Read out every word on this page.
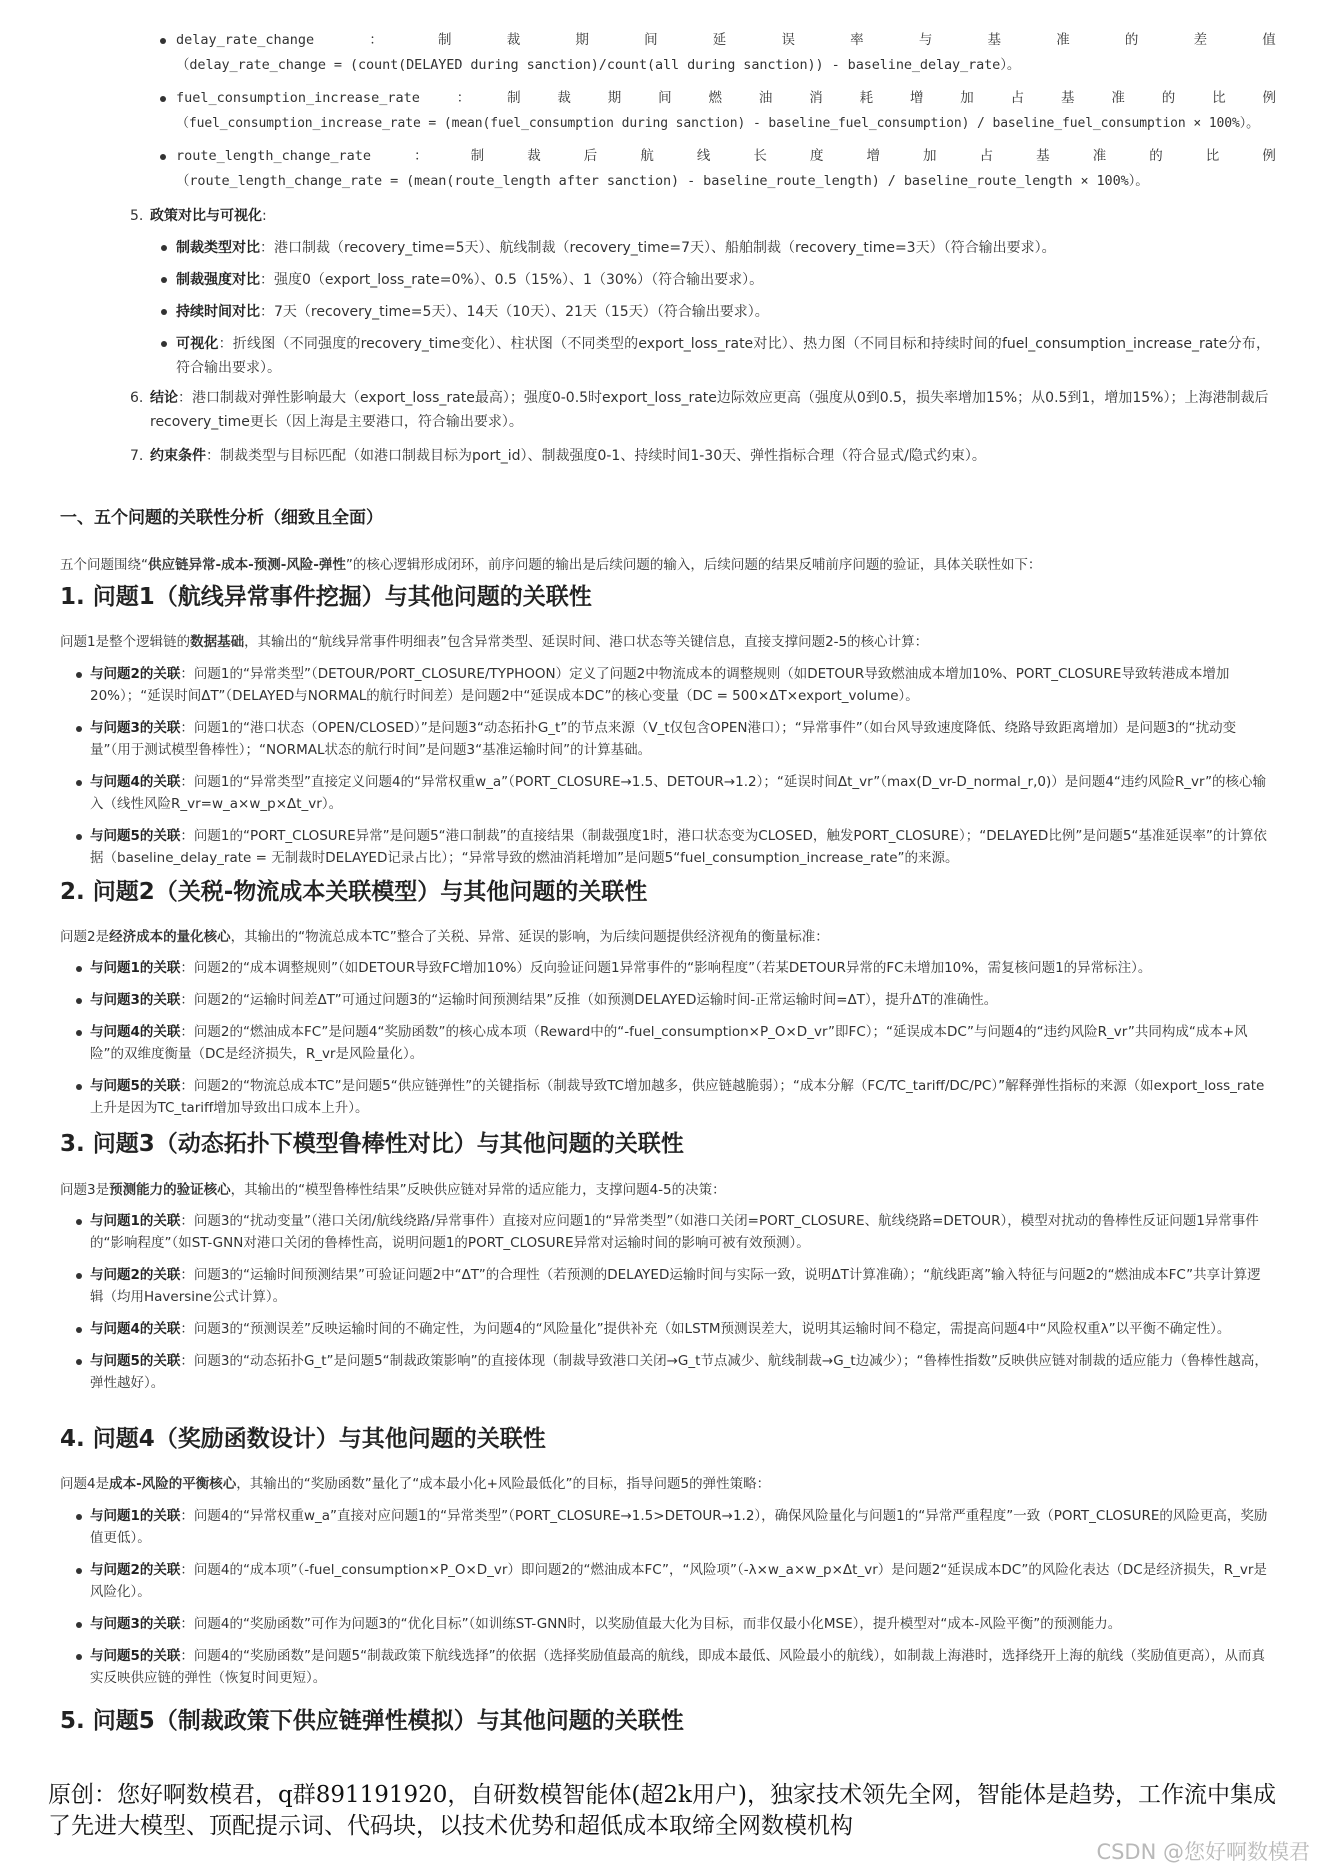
delay_rate_change	：	制	裁	期	间	延	误	率	与	基	准	的	差	值
（delay_rate_change = (count(DELAYED during sanction)/count(all during sanction)) - baseline_delay_rate）。
fuel_consumption_increase_rate	：	制	裁	期	间	燃	油	消	耗	增	加	占	基	准	的	比	例
（fuel_consumption_increase_rate = (mean(fuel_consumption during sanction) - baseline_fuel_consumption) / baseline_fuel_consumption × 100%）。
route_length_change_rate	：	制	裁	后	航	线	长	度	增	加	占	基	准	的	比	例
（route_length_change_rate = (mean(route_length after sanction) - baseline_route_length) / baseline_route_length × 100%）。
5. 政策对比与可视化:
制裁类型对比：港口制裁（recovery_time=5天）、航线制裁（recovery_time=7天）、船舶制裁（recovery_time=3天）（符合输出要求）。
制裁强度对比：强度0（export_loss_rate=0%）、0.5（15%）、1（30%）（符合输出要求）。
持续时间对比：7天（recovery_time=5天）、14天（10天）、21天（15天）（符合输出要求）。
可视化：折线图（不同强度的recovery_time变化）、柱状图（不同类型的export_loss_rate对比）、热力图（不同目标和持续时间的fuel_consumption_increase_rate分布，符合输出要求）。
6. 结论：港口制裁对弹性影响最大（export_loss_rate最高）；强度0-0.5时export_loss_rate边际效应更高（强度从0到0.5，损失率增加15%；从0.5到1，增加15%）；上海港制裁后recovery_time更长（因上海是主要港口，符合输出要求）。
7. 约束条件：制裁类型与目标匹配（如港口制裁目标为port_id）、制裁强度0-1、持续时间1-30天、弹性指标合理（符合显式/隐式约束）。
一、五个问题的关联性分析（细致且全面）
五个问题围绕“供应链异常-成本-预测-风险-弹性”的核心逻辑形成闭环，前序问题的输出是后续问题的输入，后续问题的结果反哺前序问题的验证，具体关联性如下：
1. 问题1（航线异常事件挖掘）与其他问题的关联性
问题1是整个逻辑链的数据基础，其输出的“航线异常事件明细表”包含异常类型、延误时间、港口状态等关键信息，直接支撑问题2-5的核心计算：
与问题2的关联：问题1的“异常类型”（DETOUR/PORT_CLOSURE/TYPHOON）定义了问题2中物流成本的调整规则（如DETOUR导致燃油成本增加10%、PORT_CLOSURE导致转港成本增加20%）；“延误时间ΔT”（DELAYED与NORMAL的航行时间差）是问题2中“延误成本DC”的核心变量（DC = 500×ΔT×export_volume）。
与问题3的关联：问题1的“港口状态（OPEN/CLOSED）”是问题3“动态拓扑G_t”的节点来源（V_t仅包含OPEN港口）；“异常事件”（如台风导致速度降低、绕路导致距离增加）是问题3的“扰动变量”（用于测试模型鲁棒性）；“NORMAL状态的航行时间”是问题3“基准运输时间”的计算基础。
与问题4的关联：问题1的“异常类型”直接定义问题4的“异常权重w_a”（PORT_CLOSURE→1.5、DETOUR→1.2）；“延误时间Δt_vr”（max(D_vr-D_normal_r,0)）是问题4“违约风险R_vr”的核心输入（线性风险R_vr=w_a×w_p×Δt_vr）。
与问题5的关联：问题1的“PORT_CLOSURE异常”是问题5“港口制裁”的直接结果（制裁强度1时，港口状态变为CLOSED，触发PORT_CLOSURE）；“DELAYED比例”是问题5“基准延误率”的计算依据（baseline_delay_rate = 无制裁时DELAYED记录占比）；“异常导致的燃油消耗增加”是问题5“fuel_consumption_increase_rate”的来源。
2. 问题2（关税-物流成本关联模型）与其他问题的关联性
问题2是经济成本的量化核心，其输出的“物流总成本TC”整合了关税、异常、延误的影响，为后续问题提供经济视角的衡量标准：
与问题1的关联：问题2的“成本调整规则”（如DETOUR导致FC增加10%）反向验证问题1异常事件的“影响程度”（若某DETOUR异常的FC未增加10%，需复核问题1的异常标注）。
与问题3的关联：问题2的“运输时间差ΔT”可通过问题3的“运输时间预测结果”反推（如预测DELAYED运输时间-正常运输时间=ΔT），提升ΔT的准确性。
与问题4的关联：问题2的“燃油成本FC”是问题4“奖励函数”的核心成本项（Reward中的“-fuel_consumption×P_O×D_vr”即FC）；“延误成本DC”与问题4的“违约风险R_vr”共同构成“成本+风险”的双维度衡量（DC是经济损失，R_vr是风险量化）。
与问题5的关联：问题2的“物流总成本TC”是问题5“供应链弹性”的关键指标（制裁导致TC增加越多，供应链越脆弱）；“成本分解（FC/TC_tariff/DC/PC）”解释弹性指标的来源（如export_loss_rate上升是因为TC_tariff增加导致出口成本上升）。
3. 问题3（动态拓扑下模型鲁棒性对比）与其他问题的关联性
问题3是预测能力的验证核心，其输出的“模型鲁棒性结果”反映供应链对异常的适应能力，支撑问题4-5的决策：
与问题1的关联：问题3的“扰动变量”（港口关闭/航线绕路/异常事件）直接对应问题1的“异常类型”（如港口关闭=PORT_CLOSURE、航线绕路=DETOUR），模型对扰动的鲁棒性反证问题1异常事件的“影响程度”（如ST-GNN对港口关闭的鲁棒性高，说明问题1的PORT_CLOSURE异常对运输时间的影响可被有效预测）。
与问题2的关联：问题3的“运输时间预测结果”可验证问题2中“ΔT”的合理性（若预测的DELAYED运输时间与实际一致，说明ΔT计算准确）；“航线距离”输入特征与问题2的“燃油成本FC”共享计算逻辑（均用Haversine公式计算）。
与问题4的关联：问题3的“预测误差”反映运输时间的不确定性，为问题4的“风险量化”提供补充（如LSTM预测误差大，说明其运输时间不稳定，需提高问题4中“风险权重λ”以平衡不确定性）。
与问题5的关联：问题3的“动态拓扑G_t”是问题5“制裁政策影响”的直接体现（制裁导致港口关闭→G_t节点减少、航线制裁→G_t边减少）；“鲁棒性指数”反映供应链对制裁的适应能力（鲁棒性越高，弹性越好）。
4. 问题4（奖励函数设计）与其他问题的关联性
问题4是成本-风险的平衡核心，其输出的“奖励函数”量化了“成本最小化+风险最低化”的目标，指导问题5的弹性策略：
与问题1的关联：问题4的“异常权重w_a”直接对应问题1的“异常类型”（PORT_CLOSURE→1.5>DETOUR→1.2），确保风险量化与问题1的“异常严重程度”一致（PORT_CLOSURE的风险更高，奖励值更低）。
与问题2的关联：问题4的“成本项”（-fuel_consumption×P_O×D_vr）即问题2的“燃油成本FC”，“风险项”（-λ×w_a×w_p×Δt_vr）是问题2“延误成本DC”的风险化表达（DC是经济损失，R_vr是风险化）。
与问题3的关联：问题4的“奖励函数”可作为问题3的“优化目标”（如训练ST-GNN时，以奖励值最大化为目标，而非仅最小化MSE），提升模型对“成本-风险平衡”的预测能力。
与问题5的关联：问题4的“奖励函数”是问题5“制裁政策下航线选择”的依据（选择奖励值最高的航线，即成本最低、风险最小的航线），如制裁上海港时，选择绕开上海的航线（奖励值更高），从而真实反映供应链的弹性（恢复时间更短）。
5. 问题5（制裁政策下供应链弹性模拟）与其他问题的关联性
原创：您好啊数模君，q群891191920，自研数模智能体(超2k用户)，独家技术领先全网，智能体是趋势，工作流中集成了先进大模型、顶配提示词、代码块，以技术优势和超低成本取缔全网数模机构
CSDN @您好啊数模君
